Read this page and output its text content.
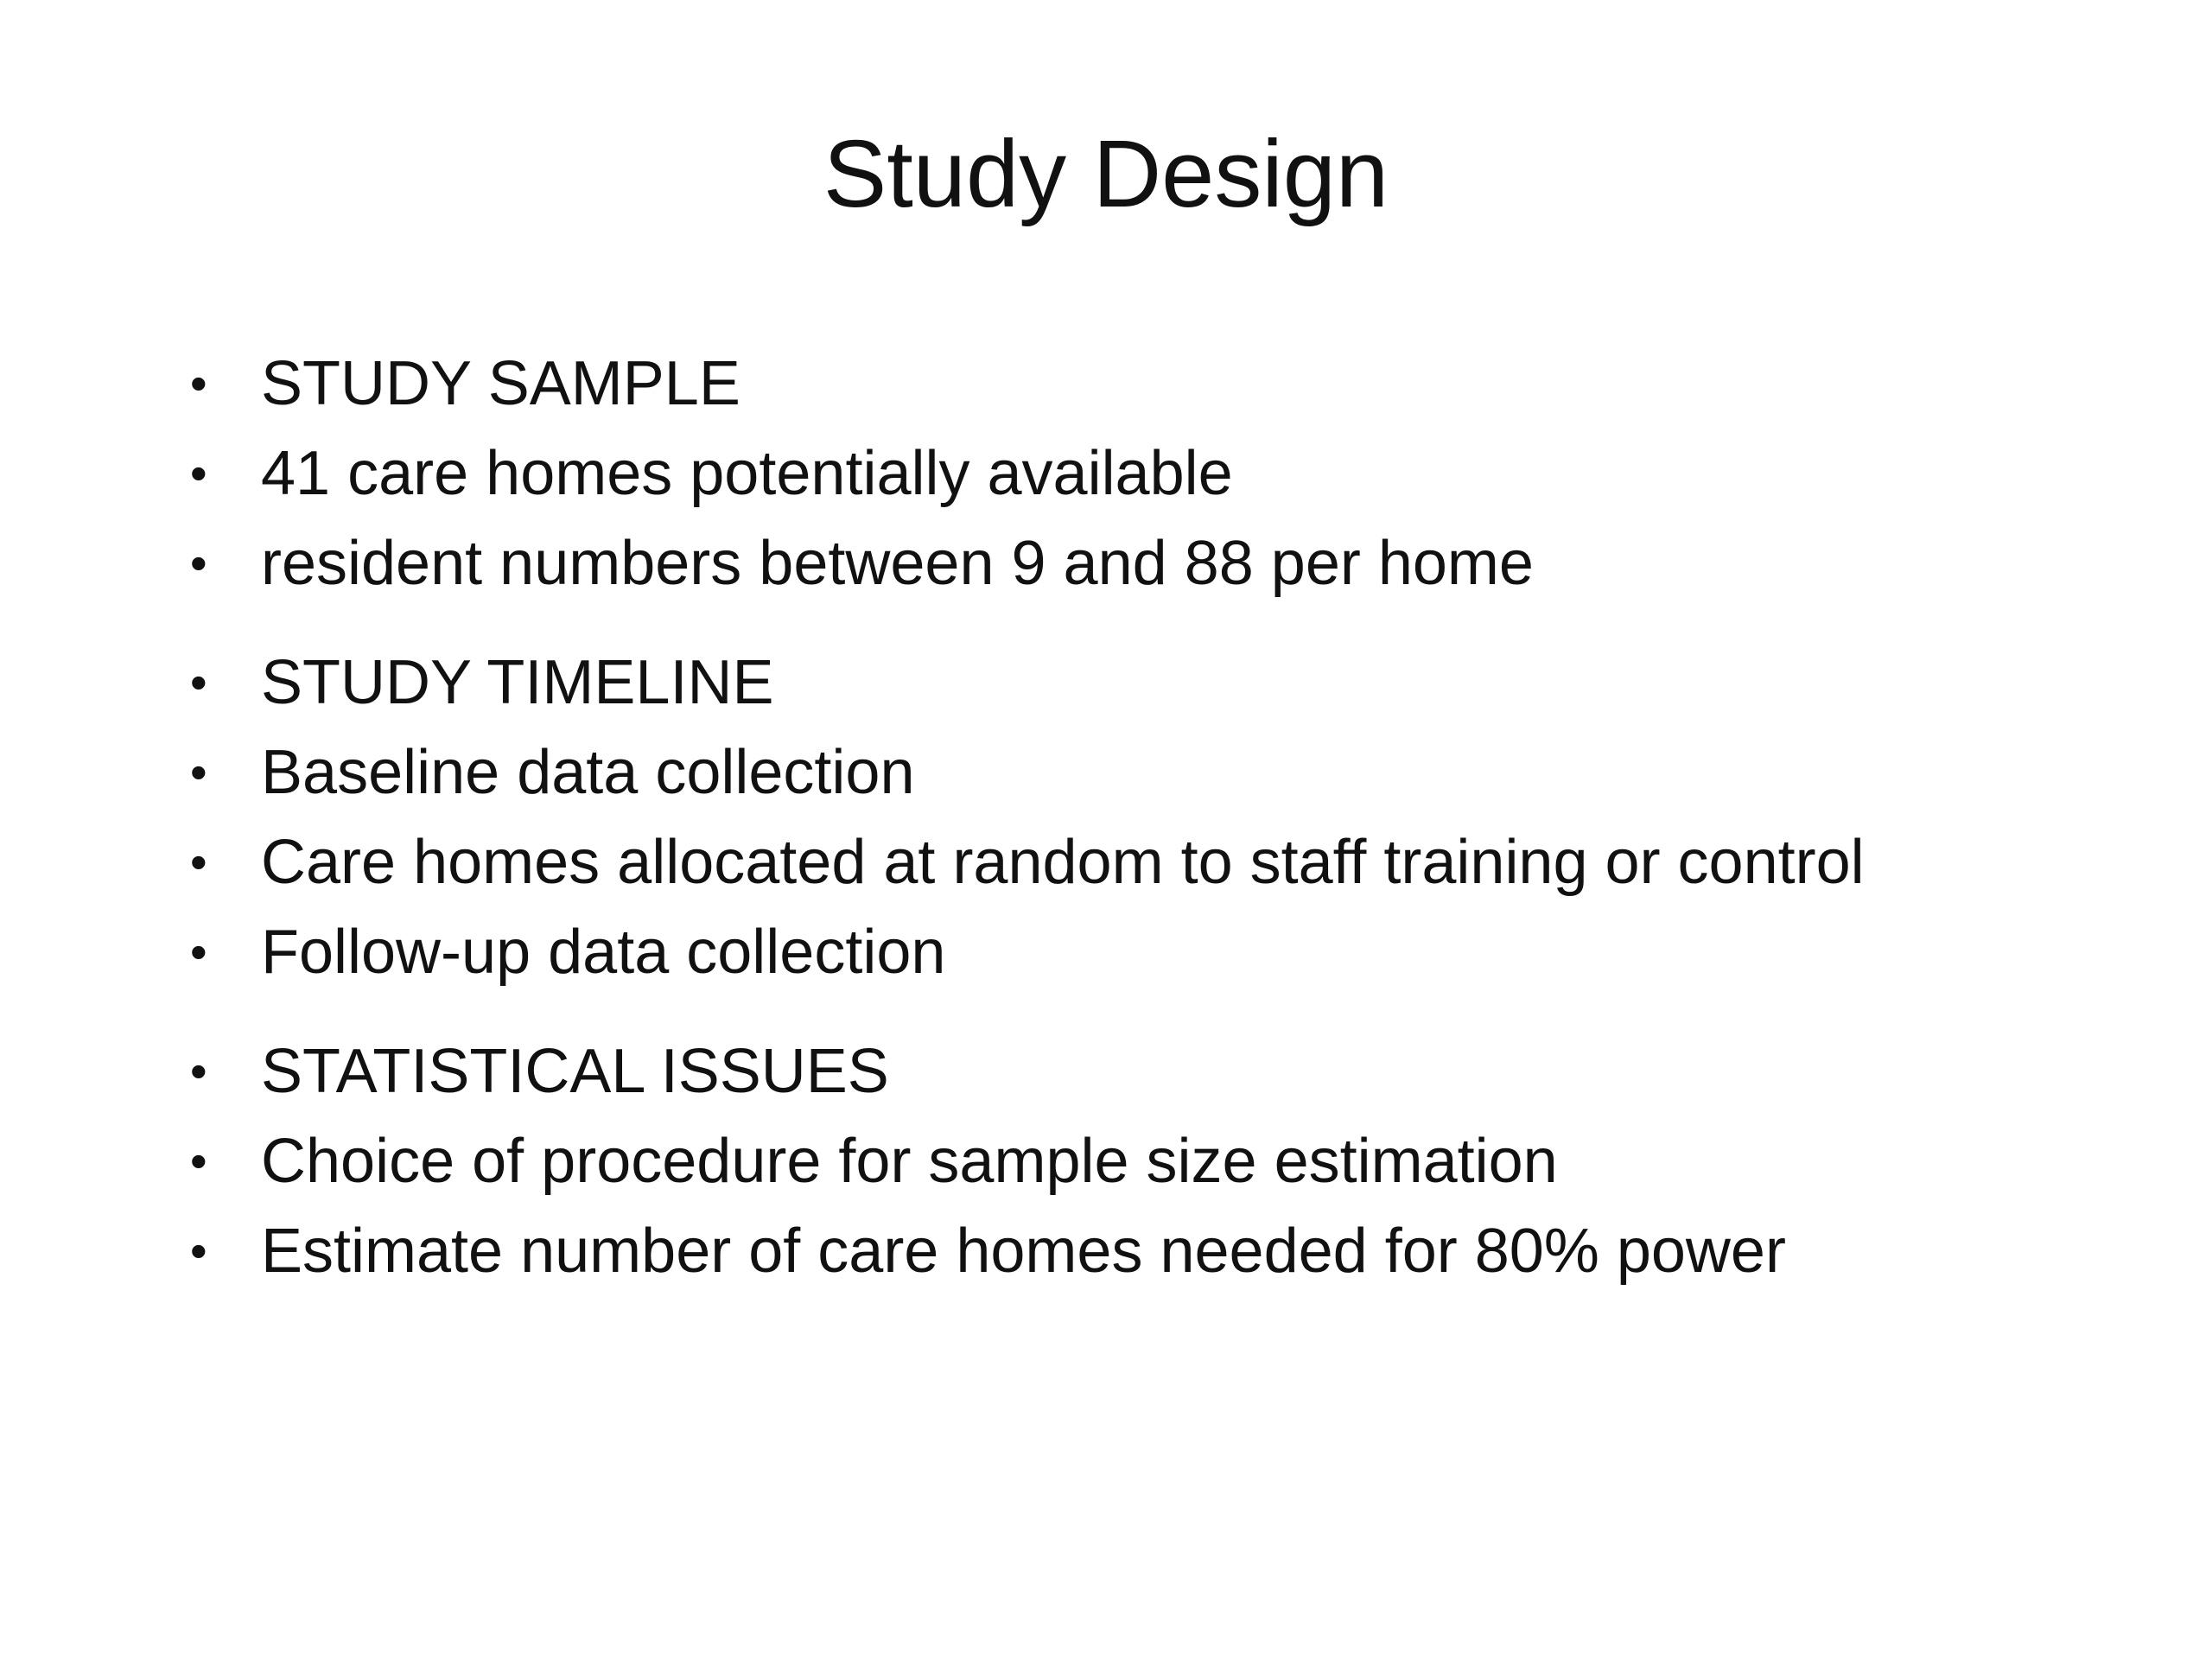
Study Design
• STUDY SAMPLE
• 41 care homes potentially available
• resident numbers between 9 and 88 per home
• STUDY TIMELINE
• Baseline data collection
• Care homes allocated at random to staff training or control
• Follow-up data collection
• STATISTICAL ISSUES
• Choice of procedure for sample size estimation
• Estimate number of care homes needed for 80% power
